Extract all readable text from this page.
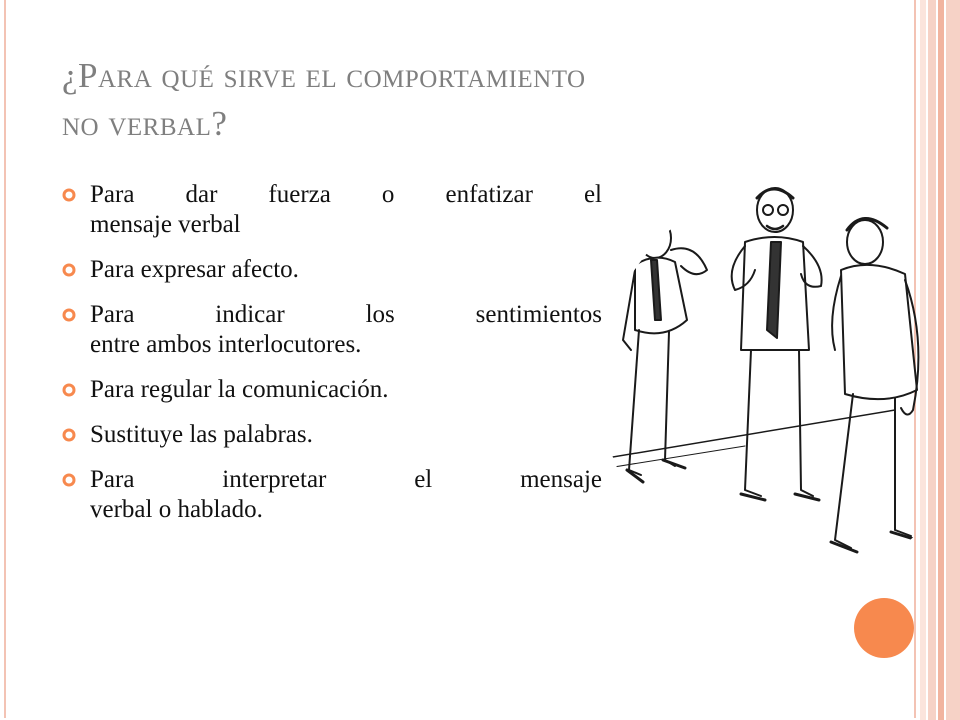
¿Para qué sirve el comportamiento
no verbal?
Para dar fuerza o enfatizar el
mensaje verbal
Para expresar afecto.
Para indicar los sentimientos
entre ambos interlocutores.
Para regular la comunicación.
Sustituye las palabras.
Para interpretar el mensaje
verbal o hablado.
